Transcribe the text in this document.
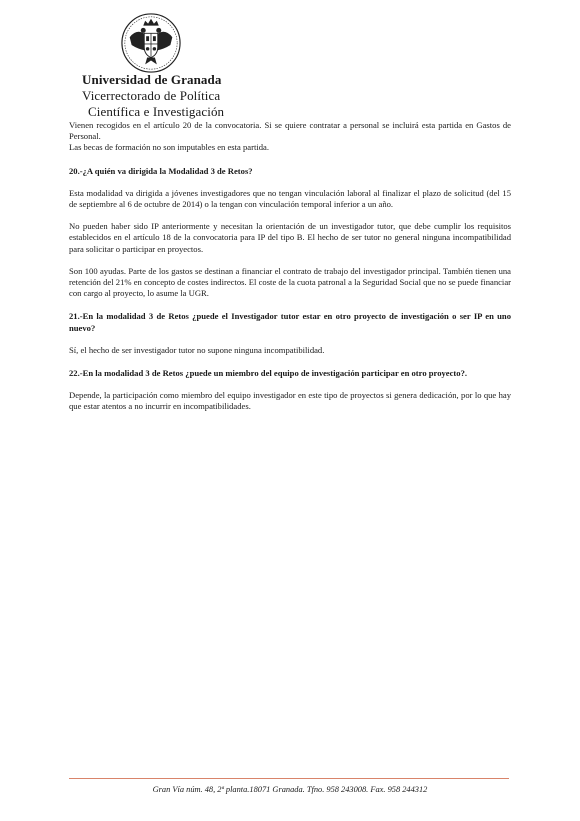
Universidad de Granada
Vicerrectorado de Política
Científica e Investigación

Vienen recogidos en el artículo 20 de la convocatoria. Si se quiere contratar a personal se incluirá esta partida en Gastos de Personal.

Las becas de formación no son imputables en esta partida.

20.-¿A quién va dirigida la Modalidad 3 de Retos?

Esta modalidad va dirigida a jóvenes investigadores que no tengan vinculación laboral al finalizar el plazo de solicitud (del 15 de septiembre al 6 de octubre de 2014) o la tengan con vinculación temporal inferior a un año.

No pueden haber sido IP anteriormente y necesitan la orientación de un investigador tutor, que debe cumplir los requisitos establecidos en el artículo 18 de la convocatoria para IP del tipo B. El hecho de ser tutor no general ninguna incompatibilidad para solicitar o participar en proyectos.

Son 100 ayudas. Parte de los gastos se destinan a financiar el contrato de trabajo del investigador principal. También tienen una retención del 21% en concepto de costes indirectos. El coste de la cuota patronal a la Seguridad Social que no se puede financiar con cargo al proyecto, lo asume la UGR.

21.-En la modalidad 3 de Retos ¿puede el Investigador tutor estar en otro proyecto de investigación o ser IP en uno nuevo?

Sí, el hecho de ser investigador tutor no supone ninguna incompatibilidad.

22.-En la modalidad 3 de Retos ¿puede un miembro del equipo de investigación participar en otro proyecto?.

Depende, la participación como miembro del equipo investigador en este tipo de proyectos si genera dedicación, por lo que hay que estar atentos a no incurrir en incompatibilidades.

Gran Vía núm. 48, 2ª planta.18071 Granada. Tfno. 958 243008. Fax. 958 244312
